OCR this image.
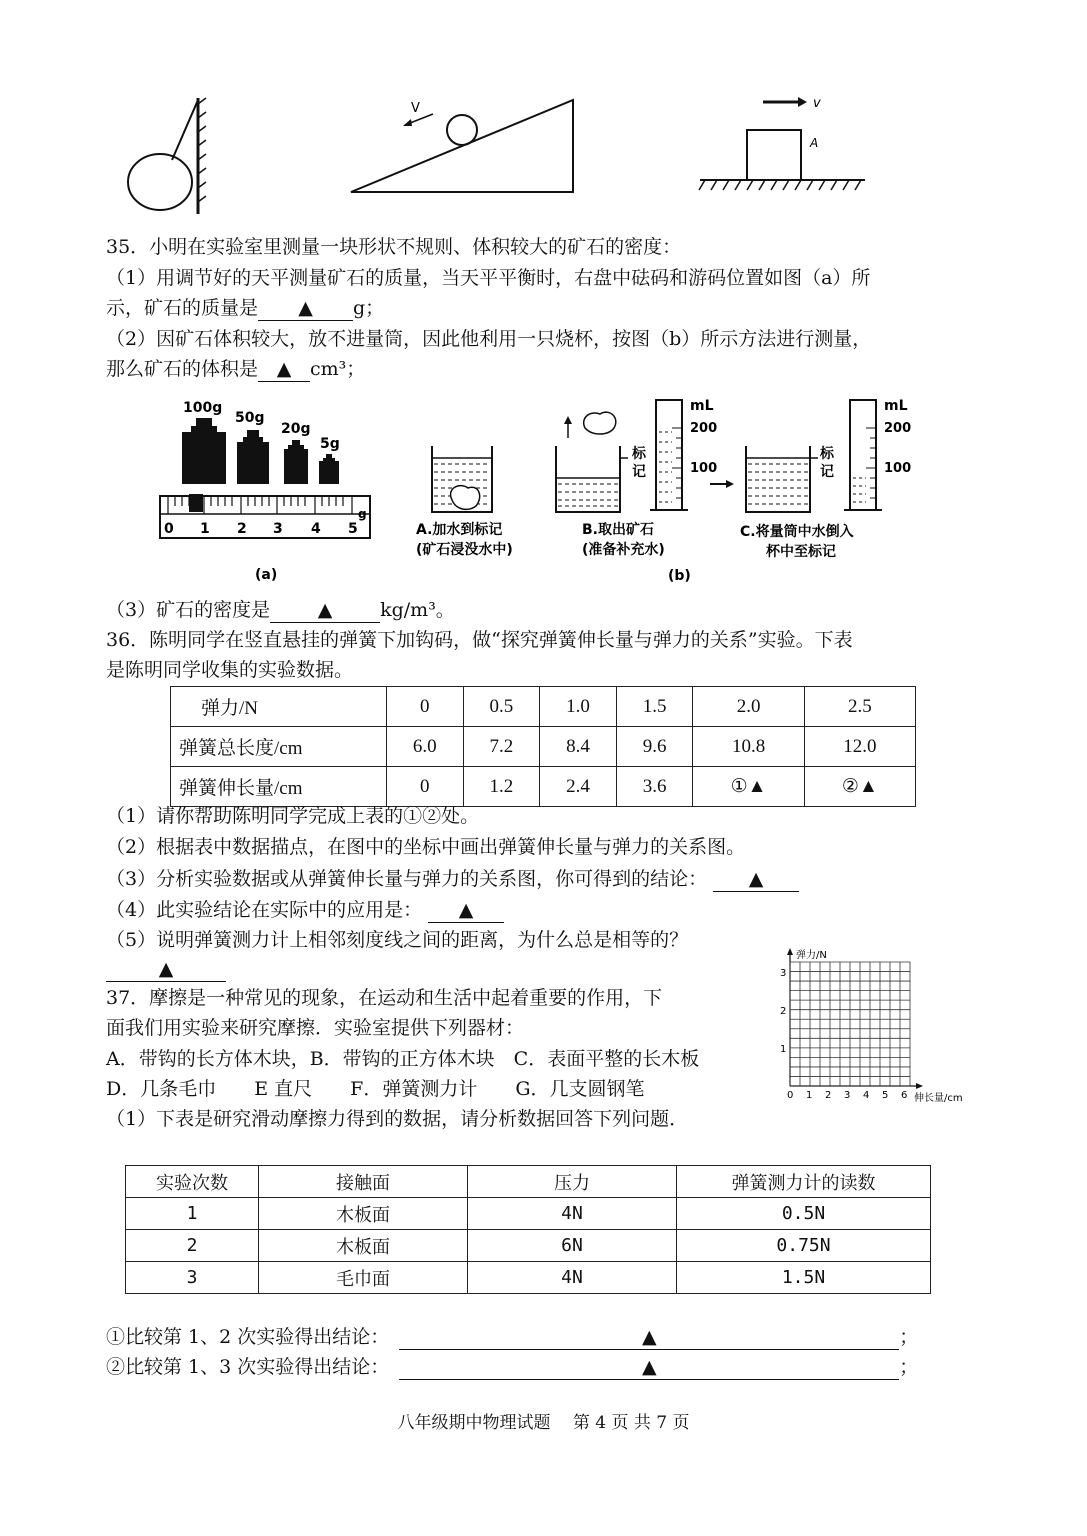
V	v
A
35．小明在实验室里测量一块形状不规则、体积较大的矿石的密度：
（1）用调节好的天平测量矿石的质量，当天平平衡时，右盘中砝码和游码位置如图（a）所
示，矿石的质量是 ▲ g；
（2）因矿石体积较大，放不进量筒，因此他利用一只烧杯，按图（b）所示方法进行测量，
那么矿石的体积是 ▲ cm³；
100g
50g
20g
5g
0 1 2 3 4 5
g
(a)
标
记
mL
200
100
标
记
mL
200
100
A.加水到标记
(矿石浸没水中)
B.取出矿石
(准备补充水)
C.将量筒中水倒入
杯中至标记
(b)
（3）矿石的密度是	▲	kg/m³。
36．陈明同学在竖直悬挂的弹簧下加钩码，做“探究弹簧伸长量与弹力的关系”实验。下表
是陈明同学收集的实验数据。
弹力/N	0	0.5	1.0	1.5	2.0	2.5
弹簧总长度/cm	6.0	7.2	8.4	9.6	10.8	12.0
弹簧伸长量/cm	0	1.2	2.4	3.6	①▲	②▲
（1）请你帮助陈明同学完成上表的①②处。
（2）根据表中数据描点，在图中的坐标中画出弹簧伸长量与弹力的关系图。
（3）分析实验数据或从弹簧伸长量与弹力的关系图，你可得到的结论： ▲
（4）此实验结论在实际中的应用是： ▲
（5）说明弹簧测力计上相邻刻度线之间的距离，为什么总是相等的？
▲
弹力/N
1
2
3
0 1 2 3 4 5 6 伸长量/cm
37．摩擦是一种常见的现象，在运动和生活中起着重要的作用，下
面我们用实验来研究摩擦．实验室提供下列器材：
A．带钩的长方体木块，B．带钩的正方体木块　C．表面平整的长木板
D．几条毛巾　　E 直尺　　F．弹簧测力计　　G．几支圆钢笔
（1）下表是研究滑动摩擦力得到的数据，请分析数据回答下列问题．
实验次数	接触面	压力	弹簧测力计的读数
1	木板面	4N	0.5N
2	木板面	6N	0.75N
3	毛巾面	4N	1.5N
①比较第 1、2 次实验得出结论：	▲	；
②比较第 1、3 次实验得出结论：	▲	；
八年级期中物理试题　 第 4 页 共 7 页
